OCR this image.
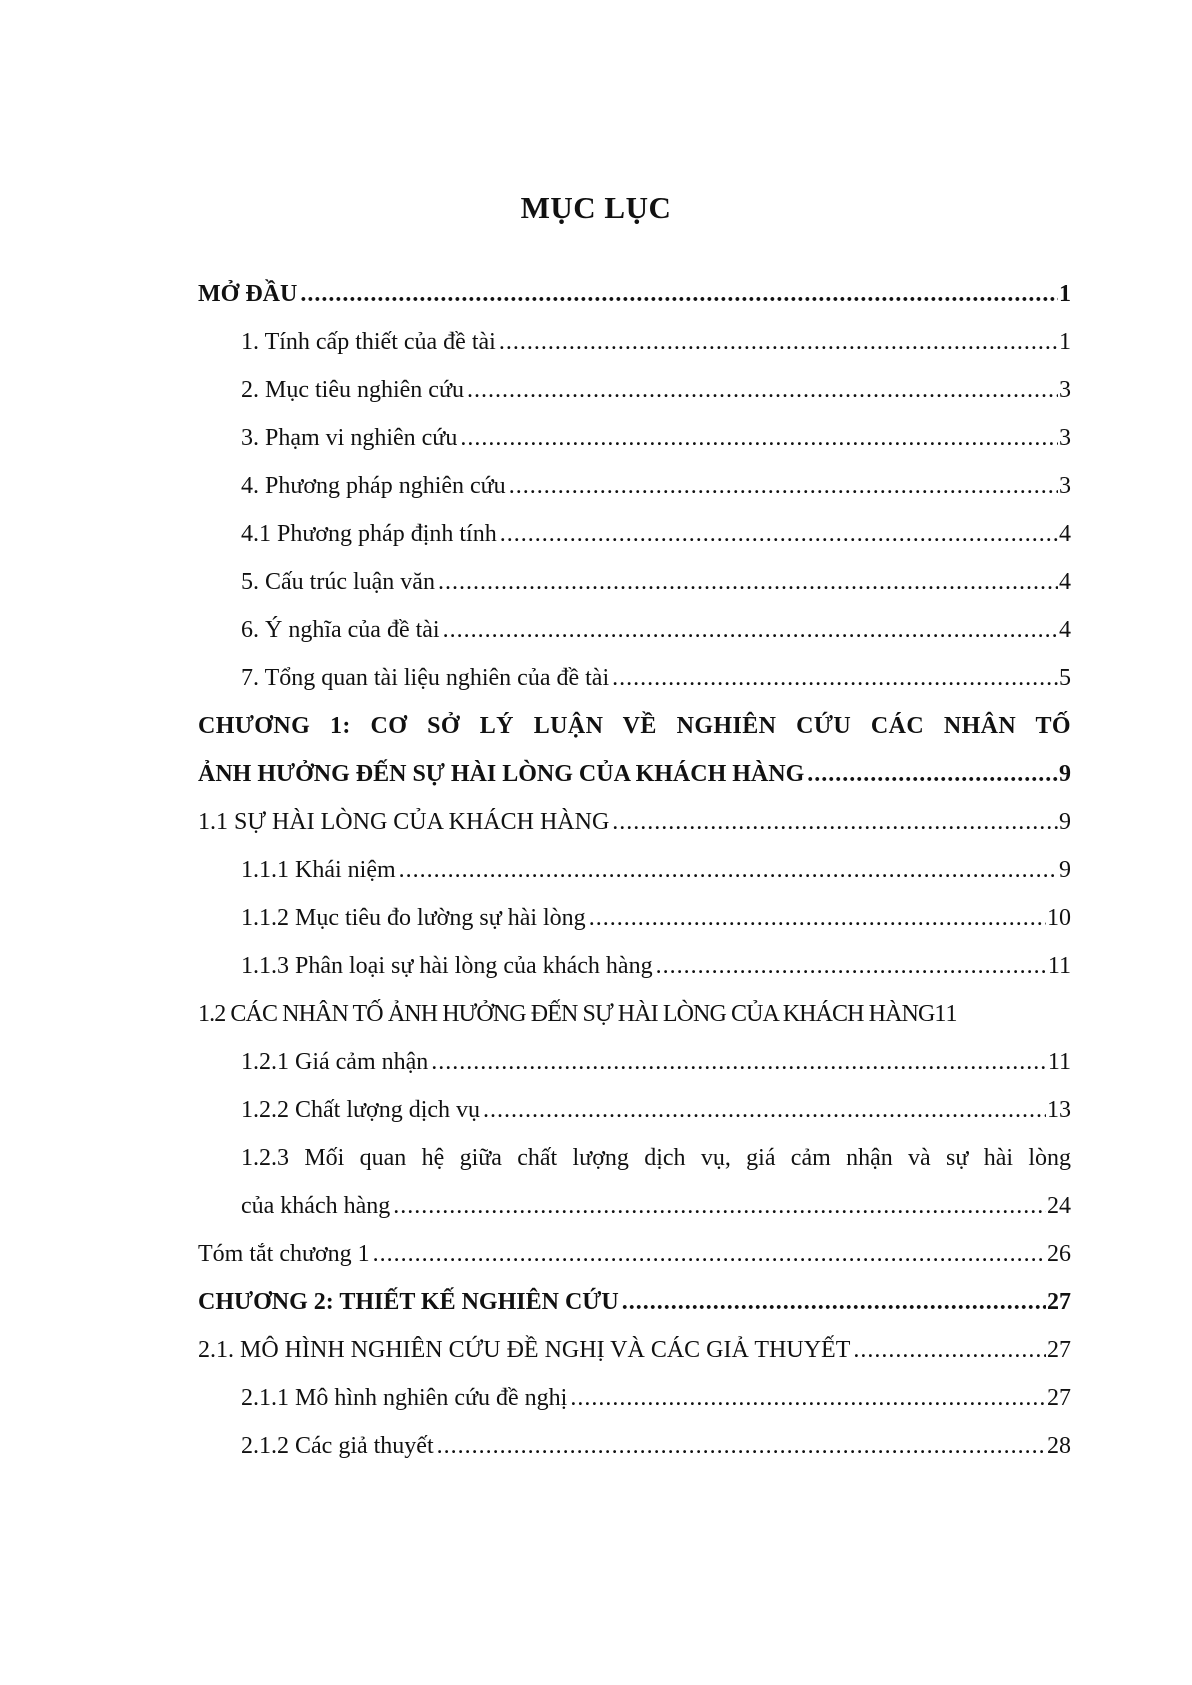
MỤC LỤC
MỞ ĐẦU .....	1
1. Tính cấp thiết của đề tài .....	1
2. Mục tiêu nghiên cứu .....	3
3. Phạm vi nghiên cứu .....	3
4. Phương pháp nghiên cứu .....	3
4.1 Phương pháp định tính .....	4
5. Cấu trúc luận văn .....	4
6. Ý nghĩa của đề tài .....	4
7. Tổng quan tài liệu nghiên của đề tài .....	5
CHƯƠNG 1: CƠ SỞ LÝ LUẬN VỀ NGHIÊN CỨU CÁC NHÂN TỐ
ẢNH HƯỞNG ĐẾN SỰ HÀI LÒNG CỦA KHÁCH HÀNG .....	9
1.1 SỰ HÀI LÒNG CỦA KHÁCH HÀNG .....	9
1.1.1 Khái niệm .....	9
1.1.2 Mục tiêu đo lường sự hài lòng .....	10
1.1.3 Phân loại sự hài lòng của khách hàng .....	11
1.2 CÁC NHÂN TỐ ẢNH HƯỞNG ĐẾN SỰ HÀI LÒNG CỦA KHÁCH HÀNG 11
1.2.1 Giá cảm nhận .....	11
1.2.2 Chất lượng dịch vụ .....	13
1.2.3 Mối quan hệ giữa chất lượng dịch vụ, giá cảm nhận và sự hài lòng
của khách hàng .....	24
Tóm tắt chương 1 .....	26
CHƯƠNG 2: THIẾT KẾ NGHIÊN CỨU .....	27
2.1. MÔ HÌNH NGHIÊN CỨU ĐỀ NGHỊ VÀ CÁC GIẢ THUYẾT .....	27
2.1.1 Mô hình nghiên cứu đề nghị .....	27
2.1.2 Các giả thuyết .....	28
